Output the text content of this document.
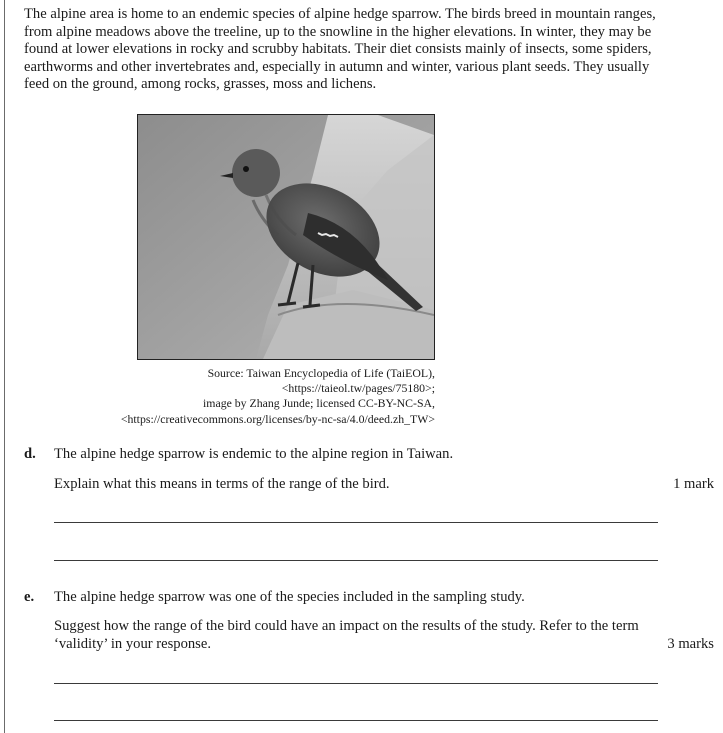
The alpine area is home to an endemic species of alpine hedge sparrow. The birds breed in mountain ranges, from alpine meadows above the treeline, up to the snowline in the higher elevations. In winter, they may be found at lower elevations in rocky and scrubby habitats. Their diet consists mainly of insects, some spiders, earthworms and other invertebrates and, especially in autumn and winter, various plant seeds. They usually feed on the ground, among rocks, grasses, moss and lichens.

Source: Taiwan Encyclopedia of Life (TaiEOL),
<https://taieol.tw/pages/75180>;
image by Zhang Junde; licensed CC-BY-NC-SA,
<https://creativecommons.org/licenses/by-nc-sa/4.0/deed.zh_TW>
d. The alpine hedge sparrow is endemic to the alpine region in Taiwan.

Explain what this means in terms of the range of the bird.	1 mark
e. The alpine hedge sparrow was one of the species included in the sampling study.

Suggest how the range of the bird could have an impact on the results of the study. Refer to the term ‘validity’ in your response.	3 marks
